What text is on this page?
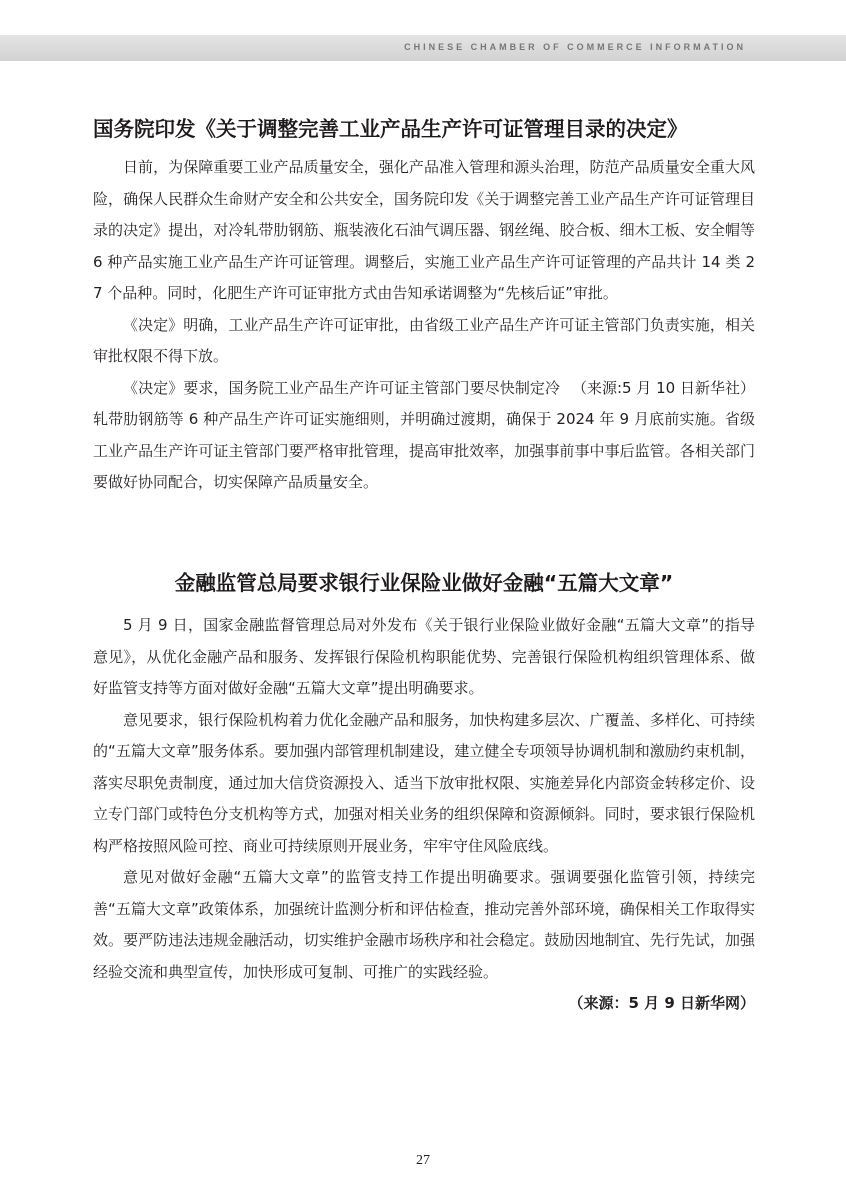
CHINESE CHAMBER OF COMMERCE INFORMATION
国务院印发《关于调整完善工业产品生产许可证管理目录的决定》

日前，为保障重要工业产品质量安全，强化产品准入管理和源头治理，防范产品质量安全重大风险，确保人民群众生命财产安全和公共安全，国务院印发《关于调整完善工业产品生产许可证管理目录的决定》提出，对冷轧带肋钢筋、瓶装液化石油气调压器、钢丝绳、胶合板、细木工板、安全帽等 6 种产品实施工业产品生产许可证管理。调整后，实施工业产品生产许可证管理的产品共计 14 类 27 个品种。同时，化肥生产许可证审批方式由告知承诺调整为“先核后证”审批。

《决定》明确，工业产品生产许可证审批，由省级工业产品生产许可证主管部门负责实施，相关审批权限不得下放。

（来源:5 月 10 日新华社）
《决定》要求，国务院工业产品生产许可证主管部门要尽快制定冷轧带肋钢筋等 6 种产品生产许可证实施细则，并明确过渡期，确保于 2024 年 9 月底前实施。省级工业产品生产许可证主管部门要严格审批管理，提高审批效率，加强事前事中事后监管。各相关部门要做好协同配合，切实保障产品质量安全。

金融监管总局要求银行业保险业做好金融“五篇大文章”

5 月 9 日，国家金融监督管理总局对外发布《关于银行业保险业做好金融“五篇大文章”的指导意见》，从优化金融产品和服务、发挥银行保险机构职能优势、完善银行保险机构组织管理体系、做好监管支持等方面对做好金融“五篇大文章”提出明确要求。

意见要求，银行保险机构着力优化金融产品和服务，加快构建多层次、广覆盖、多样化、可持续的“五篇大文章”服务体系。要加强内部管理机制建设，建立健全专项领导协调机制和激励约束机制，落实尽职免责制度，通过加大信贷资源投入、适当下放审批权限、实施差异化内部资金转移定价、设立专门部门或特色分支机构等方式，加强对相关业务的组织保障和资源倾斜。同时，要求银行保险机构严格按照风险可控、商业可持续原则开展业务，牢牢守住风险底线。

意见对做好金融“五篇大文章”的监管支持工作提出明确要求。强调要强化监管引领，持续完善“五篇大文章”政策体系，加强统计监测分析和评估检查，推动完善外部环境，确保相关工作取得实效。要严防违法违规金融活动，切实维护金融市场秩序和社会稳定。鼓励因地制宜、先行先试，加强经验交流和典型宣传，加快形成可复制、可推广的实践经验。

（来源：5 月 9 日新华网）
27
